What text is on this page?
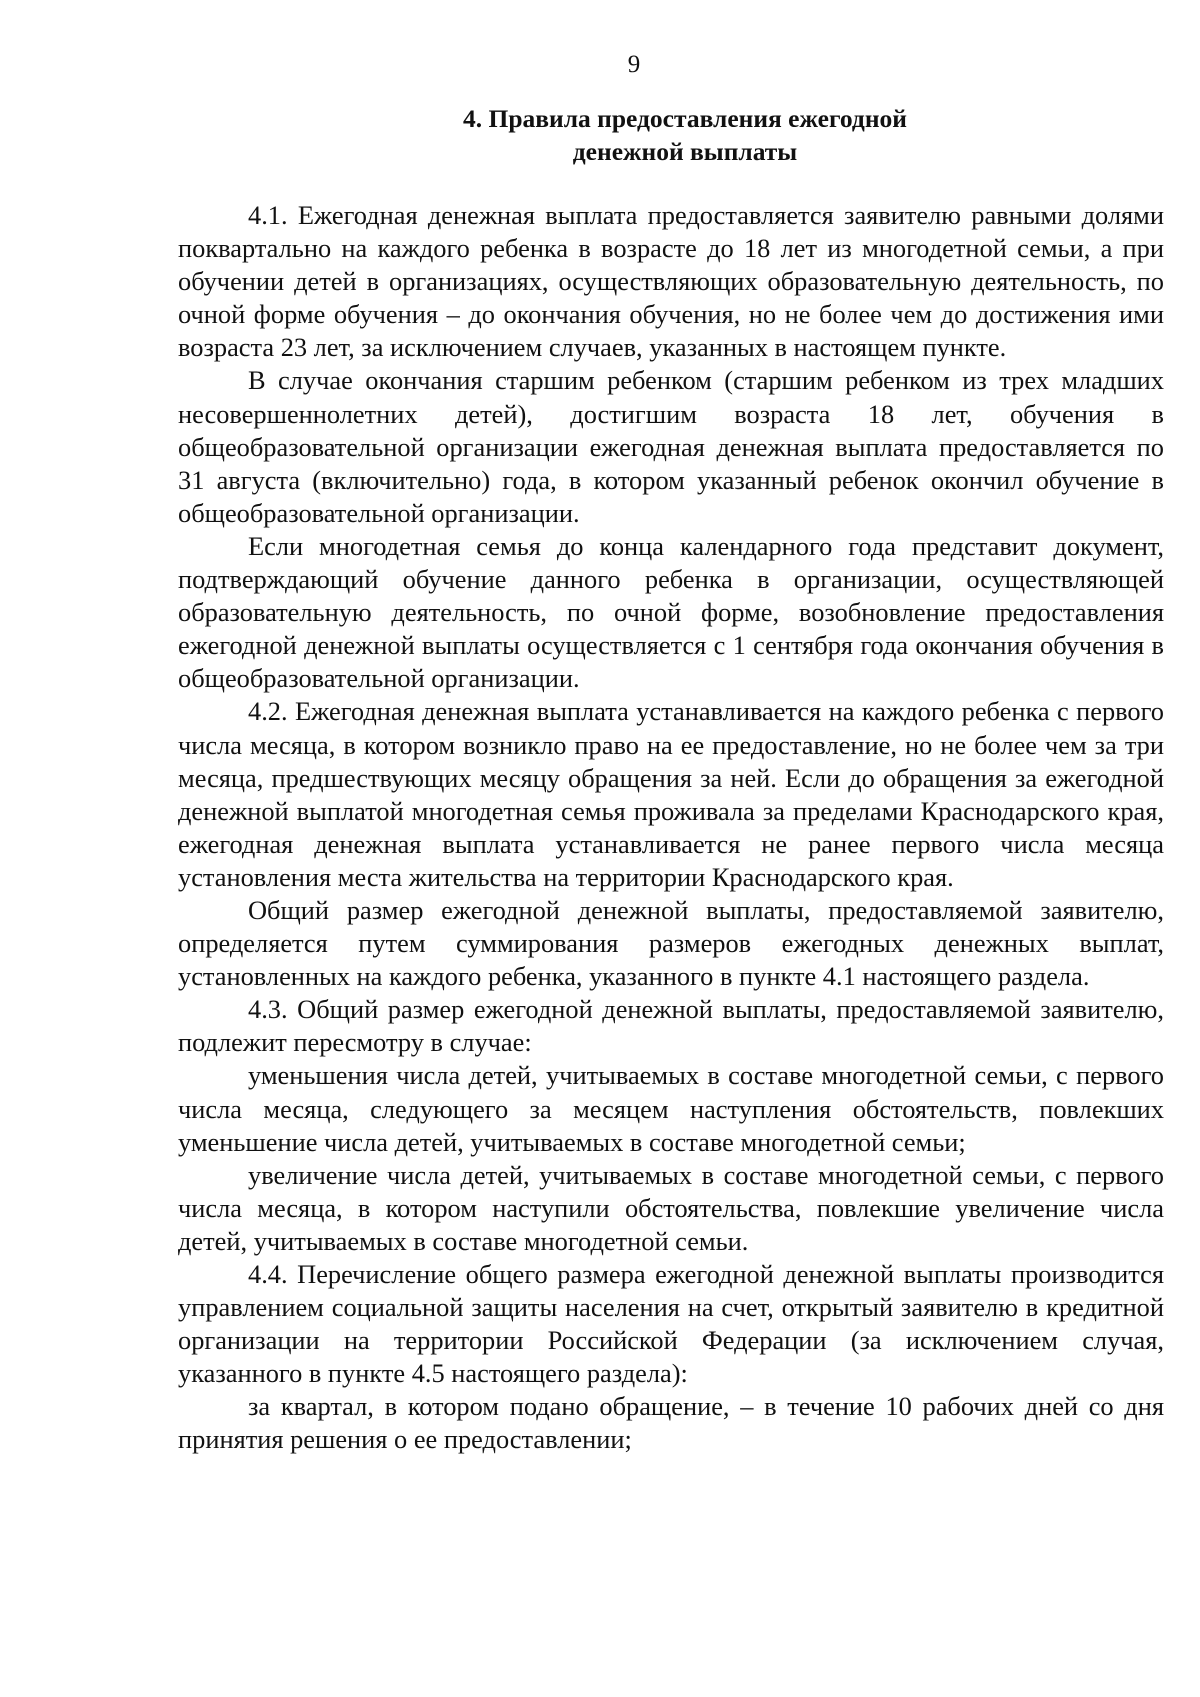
9
4. Правила предоставления ежегодной
денежной выплаты

4.1. Ежегодная денежная выплата предоставляется заявителю равными долями поквартально на каждого ребенка в возрасте до 18 лет из многодетной семьи, а при обучении детей в организациях, осуществляющих образовательную деятельность, по очной форме обучения – до окончания обучения, но не более чем до достижения ими возраста 23 лет, за исключением случаев, указанных в настоящем пункте.

В случае окончания старшим ребенком (старшим ребенком из трех младших несовершеннолетних детей), достигшим возраста 18 лет, обучения в общеобразовательной организации ежегодная денежная выплата предоставляется по 31 августа (включительно) года, в котором указанный ребенок окончил обучение в общеобразовательной организации.

Если многодетная семья до конца календарного года представит документ, подтверждающий обучение данного ребенка в организации, осуществляющей образовательную деятельность, по очной форме, возобновление предоставления ежегодной денежной выплаты осуществляется с 1 сентября года окончания обучения в общеобразовательной организации.

4.2. Ежегодная денежная выплата устанавливается на каждого ребенка с первого числа месяца, в котором возникло право на ее предоставление, но не более чем за три месяца, предшествующих месяцу обращения за ней. Если до обращения за ежегодной денежной выплатой многодетная семья проживала за пределами Краснодарского края, ежегодная денежная выплата устанавливается не ранее первого числа месяца установления места жительства на территории Краснодарского края.

Общий размер ежегодной денежной выплаты, предоставляемой заявителю, определяется путем суммирования размеров ежегодных денежных выплат, установленных на каждого ребенка, указанного в пункте 4.1 настоящего раздела.

4.3. Общий размер ежегодной денежной выплаты, предоставляемой заявителю, подлежит пересмотру в случае:

уменьшения числа детей, учитываемых в составе многодетной семьи, с первого числа месяца, следующего за месяцем наступления обстоятельств, повлекших уменьшение числа детей, учитываемых в составе многодетной семьи;

увеличение числа детей, учитываемых в составе многодетной семьи, с первого числа месяца, в котором наступили обстоятельства, повлекшие увеличение числа детей, учитываемых в составе многодетной семьи.

4.4. Перечисление общего размера ежегодной денежной выплаты производится управлением социальной защиты населения на счет, открытый заявителю в кредитной организации на территории Российской Федерации (за исключением случая, указанного в пункте 4.5 настоящего раздела):

за квартал, в котором подано обращение, – в течение 10 рабочих дней со дня принятия решения о ее предоставлении;
